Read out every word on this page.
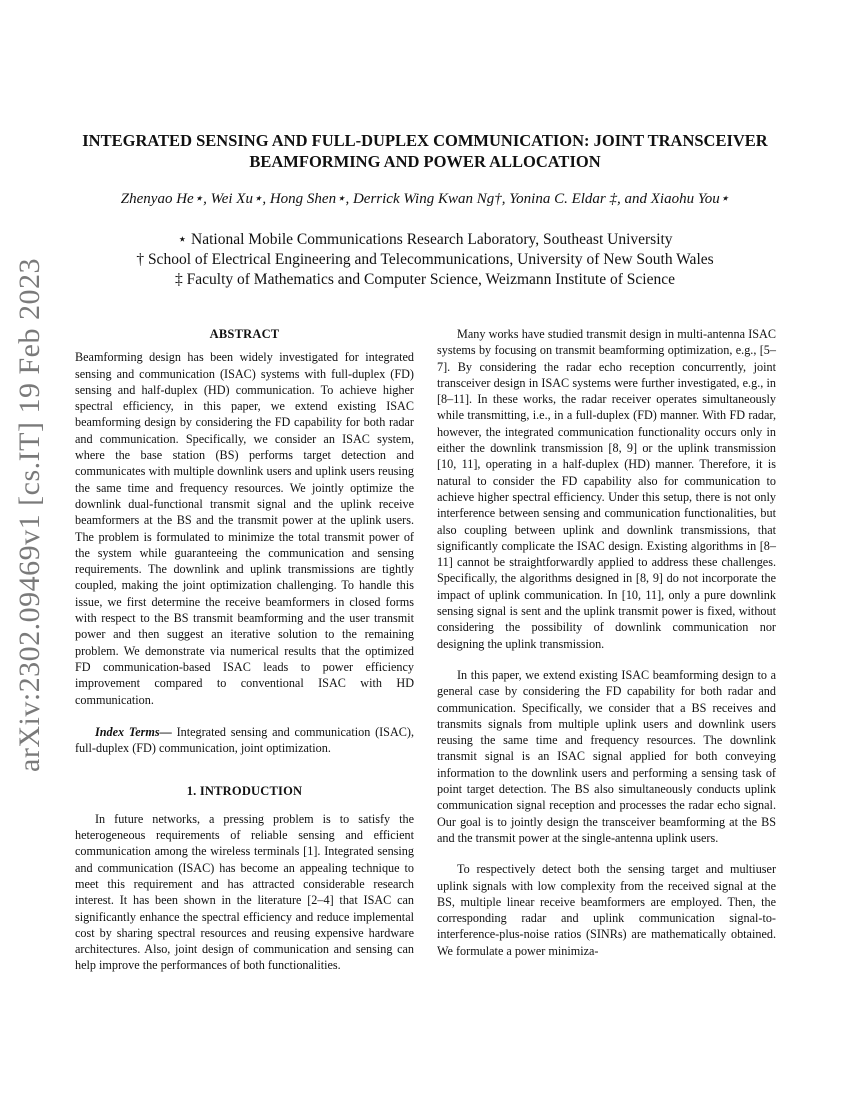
arXiv:2302.09469v1 [cs.IT] 19 Feb 2023
INTEGRATED SENSING AND FULL-DUPLEX COMMUNICATION: JOINT TRANSCEIVER BEAMFORMING AND POWER ALLOCATION

Zhenyao He⋆, Wei Xu⋆, Hong Shen⋆, Derrick Wing Kwan Ng†, Yonina C. Eldar ‡, and Xiaohu You⋆

⋆ National Mobile Communications Research Laboratory, Southeast University
† School of Electrical Engineering and Telecommunications, University of New South Wales
‡ Faculty of Mathematics and Computer Science, Weizmann Institute of Science
ABSTRACT

Beamforming design has been widely investigated for integrated sensing and communication (ISAC) systems with full-duplex (FD) sensing and half-duplex (HD) communication. To achieve higher spectral efficiency, in this paper, we extend existing ISAC beamforming design by considering the FD capability for both radar and communication. Specifically, we consider an ISAC system, where the base station (BS) performs target detection and communicates with multiple downlink users and uplink users reusing the same time and frequency resources. We jointly optimize the downlink dual-functional transmit signal and the uplink receive beamformers at the BS and the transmit power at the uplink users. The problem is formulated to minimize the total transmit power of the system while guaranteeing the communication and sensing requirements. The downlink and uplink transmissions are tightly coupled, making the joint optimization challenging. To handle this issue, we first determine the receive beamformers in closed forms with respect to the BS transmit beamforming and the user transmit power and then suggest an iterative solution to the remaining problem. We demonstrate via numerical results that the optimized FD communication-based ISAC leads to power efficiency improvement compared to conventional ISAC with HD communication.

Index Terms— Integrated sensing and communication (ISAC), full-duplex (FD) communication, joint optimization.

1. INTRODUCTION

In future networks, a pressing problem is to satisfy the heterogeneous requirements of reliable sensing and efficient communication among the wireless terminals [1]. Integrated sensing and communication (ISAC) has become an appealing technique to meet this requirement and has attracted considerable research interest. It has been shown in the literature [2–4] that ISAC can significantly enhance the spectral efficiency and reduce implemental cost by sharing spectral resources and reusing expensive hardware architectures. Also, joint design of communication and sensing can help improve the performances of both functionalities.

Many works have studied transmit design in multi-antenna ISAC systems by focusing on transmit beamforming optimization, e.g., [5–7]. By considering the radar echo reception concurrently, joint transceiver design in ISAC systems were further investigated, e.g., in [8–11]. In these works, the radar receiver operates simultaneously while transmitting, i.e., in a full-duplex (FD) manner. With FD radar, however, the integrated communication functionality occurs only in either the downlink transmission [8, 9] or the uplink transmission [10, 11], operating in a half-duplex (HD) manner. Therefore, it is natural to consider the FD capability also for communication to achieve higher spectral efficiency. Under this setup, there is not only interference between sensing and communication functionalities, but also coupling between uplink and downlink transmissions, that significantly complicate the ISAC design. Existing algorithms in [8–11] cannot be straightforwardly applied to address these challenges. Specifically, the algorithms designed in [8, 9] do not incorporate the impact of uplink communication. In [10, 11], only a pure downlink sensing signal is sent and the uplink transmit power is fixed, without considering the possibility of downlink communication nor designing the uplink transmission.

In this paper, we extend existing ISAC beamforming design to a general case by considering the FD capability for both radar and communication. Specifically, we consider that a BS receives and transmits signals from multiple uplink users and downlink users reusing the same time and frequency resources. The downlink transmit signal is an ISAC signal applied for both conveying information to the downlink users and performing a sensing task of point target detection. The BS also simultaneously conducts uplink communication signal reception and processes the radar echo signal. Our goal is to jointly design the transceiver beamforming at the BS and the transmit power at the single-antenna uplink users.

To respectively detect both the sensing target and multiuser uplink signals with low complexity from the received signal at the BS, multiple linear receive beamformers are employed. Then, the corresponding radar and uplink communication signal-to-interference-plus-noise ratios (SINRs) are mathematically obtained. We formulate a power minimiza-
